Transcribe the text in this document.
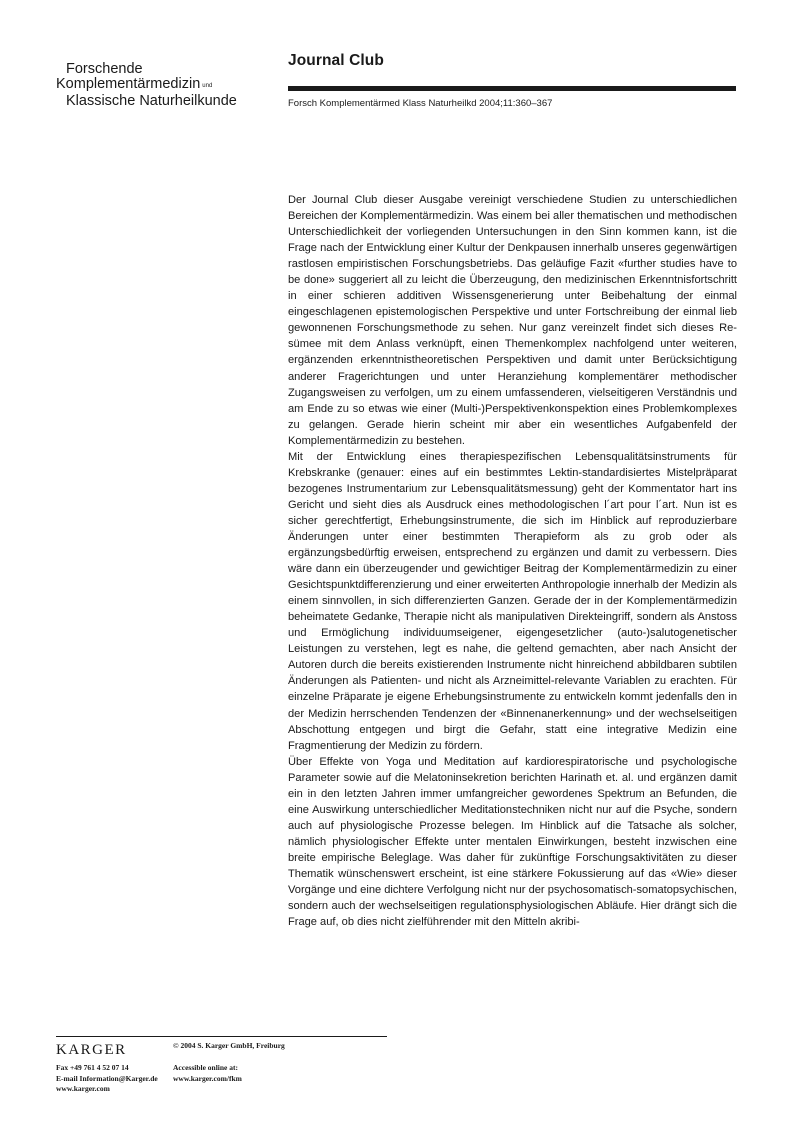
Forschende
Komplementärmedizin und
Klassische Naturheilkunde
Journal Club
Forsch Komplementärmed Klass Naturheilkd 2004;11:360–367

Der Journal Club dieser Ausgabe vereinigt verschiedene Studien zu unterschiedlichen Bereichen der Komplementärmedizin. Was einem bei aller thematischen und methodischen Unterschiedlichkeit der vorliegenden Untersuchungen in den Sinn kommen kann, ist die Frage nach der Entwicklung einer Kultur der Denkpausen innerhalb unseres gegenwärtigen rastlosen empiristischen Forschungsbetriebs. Das geläufige Fazit «further studies have to be done» suggeriert all zu leicht die Überzeugung, den medizinischen Erkenntnisfortschritt in einer schieren additiven Wissensgenerierung unter Beibehaltung der einmal eingeschlagenen epistemologischen Perspektive und unter Fortschreibung der einmal lieb gewonnenen Forschungsmethode zu sehen. Nur ganz vereinzelt findet sich dieses Resümee mit dem Anlass verknüpft, einen Themenkomplex nachfolgend unter weiteren, ergänzenden erkenntnistheoretischen Perspektiven und damit unter Berücksichtigung anderer Fragerichtungen und unter Heranziehung komplementärer methodischer Zugangsweisen zu verfolgen, um zu einem umfassenderen, vielseitigeren Verständnis und am Ende zu so etwas wie einer (Multi-)Perspektivenkonspektion eines Problemkomplexes zu gelangen. Gerade hierin scheint mir aber ein wesentliches Aufgabenfeld der Komplementärmedizin zu bestehen.

Mit der Entwicklung eines therapiespezifischen Lebensqualitätsinstruments für Krebskranke (genauer: eines auf ein bestimmtes Lektin-standardisiertes Mistelpräparat bezogenes Instrumentarium zur Lebensqualitätsmessung) geht der Kommentator hart ins Gericht und sieht dies als Ausdruck eines methodologischen l´art pour l´art. Nun ist es sicher gerechtfertigt, Erhebungsinstrumente, die sich im Hinblick auf reproduzierbare Änderungen unter einer bestimmten Therapieform als zu grob oder als ergänzungsbedürftig erweisen, entsprechend zu ergänzen und damit zu verbessern. Dies wäre dann ein überzeugender und gewichtiger Beitrag der Komplementärmedizin zu einer Gesichtspunktdifferenzierung und einer erweiterten Anthropologie innerhalb der Medizin als einem sinnvollen, in sich differenzierten Ganzen. Gerade der in der Komplementärmedizin beheimatete Gedanke, Therapie nicht als manipulativen Direkteingriff, sondern als Anstoss und Ermöglichung individuumseigener, eigengesetzlicher (auto-)salutogenetischer Leistungen zu verstehen, legt es nahe, die geltend gemachten, aber nach Ansicht der Autoren durch die bereits existierenden Instrumente nicht hinreichend abbildbaren subtilen Änderungen als Patienten- und nicht als Arzneimittel-relevante Variablen zu erachten. Für einzelne Präparate je eigene Erhebungsinstrumente zu entwickeln kommt jedenfalls den in der Medizin herrschenden Tendenzen der «Binnenanerkennung» und der wechselseitigen Abschottung entgegen und birgt die Gefahr, statt eine integrative Medizin eine Fragmentierung der Medizin zu fördern.

Über Effekte von Yoga und Meditation auf kardiorespiratorische und psychologische Parameter sowie auf die Melatoninsekretion berichten Harinath et. al. und ergänzen damit ein in den letzten Jahren immer umfangreicher gewordenes Spektrum an Befunden, die eine Auswirkung unterschiedlicher Meditationstechniken nicht nur auf die Psyche, sondern auch auf physiologische Prozesse belegen. Im Hinblick auf die Tatsache als solcher, nämlich physiologischer Effekte unter mentalen Einwirkungen, besteht inzwischen eine breite empirische Beleglage. Was daher für zukünftige Forschungsaktivitäten zu dieser Thematik wünschenswert erscheint, ist eine stärkere Fokussierung auf das «Wie» dieser Vorgänge und eine dichtere Verfolgung nicht nur der psychosomatisch-somatopsychischen, sondern auch der wechselseitigen regulationsphysiologischen Abläufe. Hier drängt sich die Frage auf, ob dies nicht zielführender mit den Mitteln akribi-

KARGER	© 2004 S. Karger GmbH, Freiburg
Fax +49 761 4 52 07 14
E-mail Information@Karger.de
www.karger.com
Accessible online at:
www.karger.com/fkm
